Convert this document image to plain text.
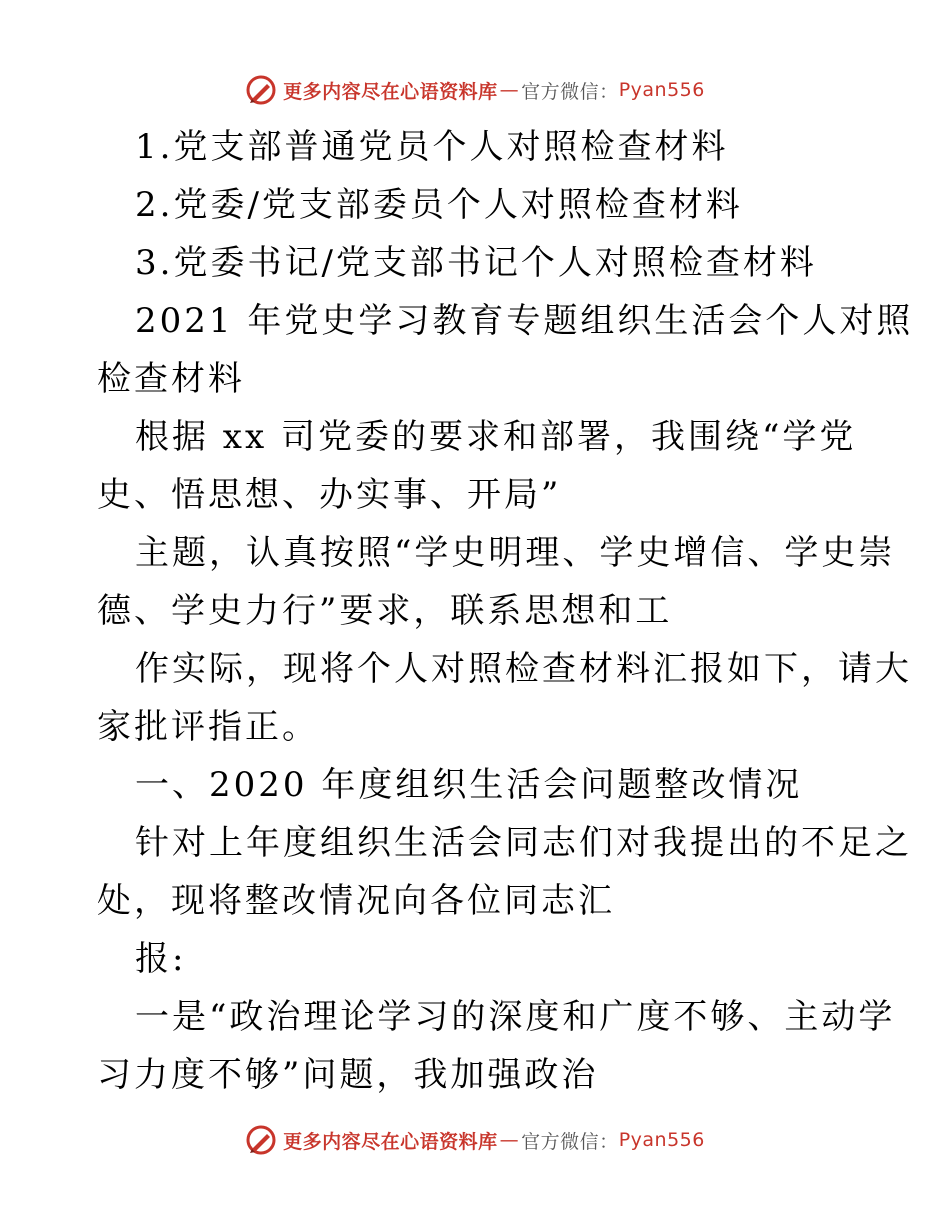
更多内容尽在心语资料库 — 官方微信： Pyan556
1.党支部普通党员个人对照检查材料
2.党委/党支部委员个人对照检查材料
3.党委书记/党支部书记个人对照检查材料
2021 年党史学习教育专题组织生活会个人对照
检查材料
根据 xx 司党委的要求和部署，我围绕“学党
史、悟思想、办实事、开局”
主题，认真按照“学史明理、学史增信、学史崇
德、学史力行”要求，联系思想和工
作实际，现将个人对照检查材料汇报如下，请大
家批评指正。
一、2020 年度组织生活会问题整改情况
针对上年度组织生活会同志们对我提出的不足之
处，现将整改情况向各位同志汇
报:
一是“政治理论学习的深度和广度不够、主动学
习力度不够”问题，我加强政治
更多内容尽在心语资料库 — 官方微信： Pyan556
